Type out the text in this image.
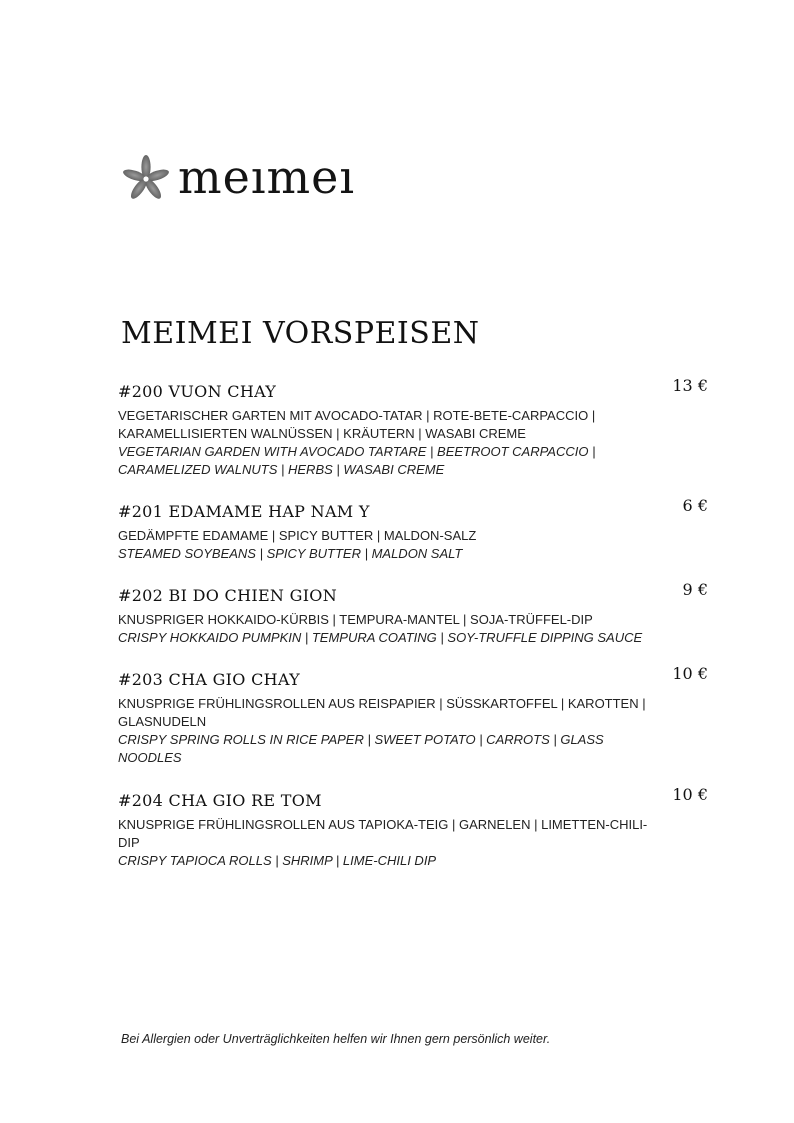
meımeı
MEIMEI VORSPEISEN
#200 VUON CHAY	13 €

VEGETARISCHER GARTEN MIT AVOCADO-TATAR | ROTE-BETE-CARPACCIO | KARAMELLISIERTEN WALNÜSSEN | KRÄUTERN | WASABI CREME

VEGETARIAN GARDEN WITH AVOCADO TARTARE | BEETROOT CARPACCIO | CARAMELIZED WALNUTS | HERBS | WASABI CREME

#201 EDAMAME HAP NAM Y	6 €

GEDÄMPFTE EDAMAME | SPICY BUTTER | MALDON-SALZ

STEAMED SOYBEANS | SPICY BUTTER | MALDON SALT

#202 BI DO CHIEN GION	9 €

KNUSPRIGER HOKKAIDO-KÜRBIS | TEMPURA-MANTEL | SOJA-TRÜFFEL-DIP

CRISPY HOKKAIDO PUMPKIN | TEMPURA COATING | SOY-TRUFFLE DIPPING SAUCE

#203 CHA GIO CHAY	10 €

KNUSPRIGE FRÜHLINGSROLLEN AUS REISPAPIER | SÜSSKARTOFFEL | KAROTTEN | GLASNUDELN

CRISPY SPRING ROLLS IN RICE PAPER | SWEET POTATO | CARROTS | GLASS NOODLES

#204 CHA GIO RE TOM	10 €

KNUSPRIGE FRÜHLINGSROLLEN AUS TAPIOKA-TEIG | GARNELEN | LIMETTEN-CHILI-DIP

CRISPY TAPIOCA ROLLS | SHRIMP | LIME-CHILI DIP

Bei Allergien oder Unverträglichkeiten helfen wir Ihnen gern persönlich weiter.
